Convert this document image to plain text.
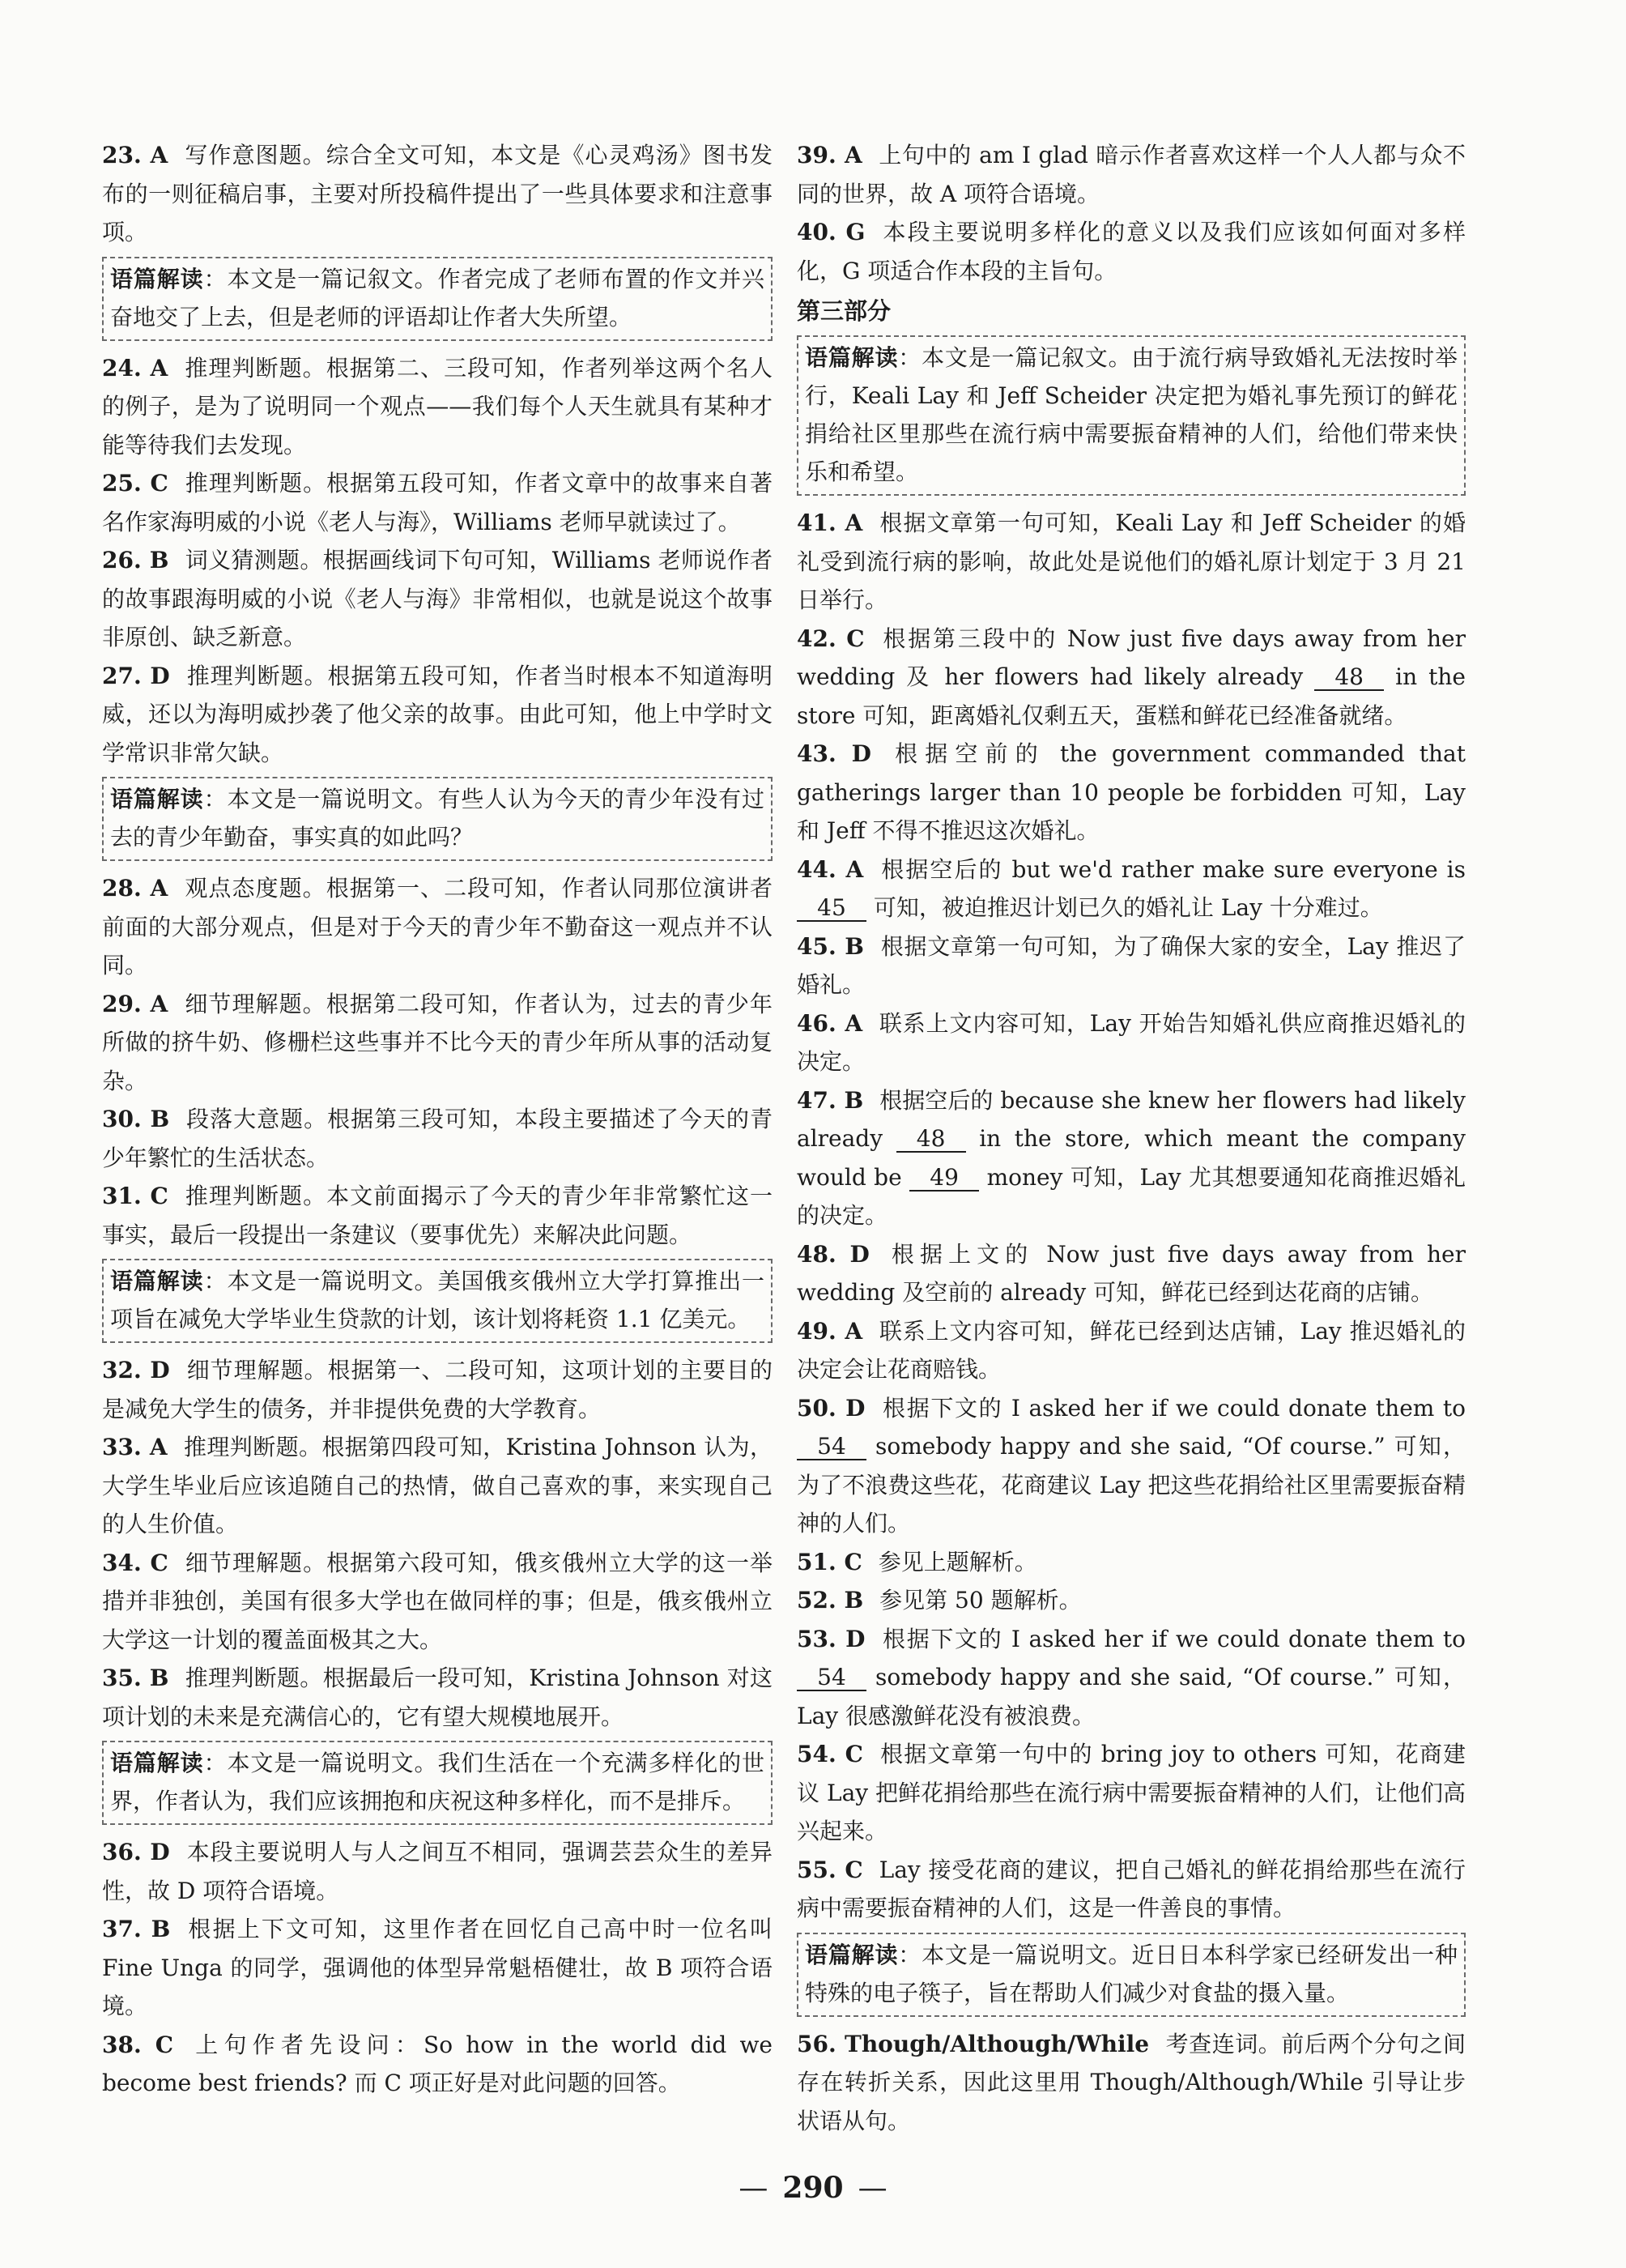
23. A 写作意图题。综合全文可知，本文是《心灵鸡汤》图书发布的一则征稿启事，主要对所投稿件提出了一些具体要求和注意事项。
语篇解读：本文是一篇记叙文。作者完成了老师布置的作文并兴奋地交了上去，但是老师的评语却让作者大失所望。
24. A 推理判断题。根据第二、三段可知，作者列举这两个名人的例子，是为了说明同一个观点——我们每个人天生就具有某种才能等待我们去发现。
25. C 推理判断题。根据第五段可知，作者文章中的故事来自著名作家海明威的小说《老人与海》，Williams 老师早就读过了。
26. B 词义猜测题。根据画线词下句可知，Williams 老师说作者的故事跟海明威的小说《老人与海》非常相似，也就是说这个故事非原创、缺乏新意。
27. D 推理判断题。根据第五段可知，作者当时根本不知道海明威，还以为海明威抄袭了他父亲的故事。由此可知，他上中学时文学常识非常欠缺。
语篇解读：本文是一篇说明文。有些人认为今天的青少年没有过去的青少年勤奋，事实真的如此吗？
28. A 观点态度题。根据第一、二段可知，作者认同那位演讲者前面的大部分观点，但是对于今天的青少年不勤奋这一观点并不认同。
29. A 细节理解题。根据第二段可知，作者认为，过去的青少年所做的挤牛奶、修栅栏这些事并不比今天的青少年所从事的活动复杂。
30. B 段落大意题。根据第三段可知，本段主要描述了今天的青少年繁忙的生活状态。
31. C 推理判断题。本文前面揭示了今天的青少年非常繁忙这一事实，最后一段提出一条建议（要事优先）来解决此问题。
语篇解读：本文是一篇说明文。美国俄亥俄州立大学打算推出一项旨在减免大学毕业生贷款的计划，该计划将耗资 1.1 亿美元。
32. D 细节理解题。根据第一、二段可知，这项计划的主要目的是减免大学生的债务，并非提供免费的大学教育。
33. A 推理判断题。根据第四段可知，Kristina Johnson 认为，大学生毕业后应该追随自己的热情，做自己喜欢的事，来实现自己的人生价值。
34. C 细节理解题。根据第六段可知，俄亥俄州立大学的这一举措并非独创，美国有很多大学也在做同样的事；但是，俄亥俄州立大学这一计划的覆盖面极其之大。
35. B 推理判断题。根据最后一段可知，Kristina Johnson 对这项计划的未来是充满信心的，它有望大规模地展开。
语篇解读：本文是一篇说明文。我们生活在一个充满多样化的世界，作者认为，我们应该拥抱和庆祝这种多样化，而不是排斥。
36. D 本段主要说明人与人之间互不相同，强调芸芸众生的差异性，故 D 项符合语境。
37. B 根据上下文可知，这里作者在回忆自己高中时一位名叫 Fine Unga 的同学，强调他的体型异常魁梧健壮，故 B 项符合语境。
38. C 上句作者先设问：So how in the world did we become best friends? 而 C 项正好是对此问题的回答。
39. A 上句中的 am I glad 暗示作者喜欢这样一个人人都与众不同的世界，故 A 项符合语境。
40. G 本段主要说明多样化的意义以及我们应该如何面对多样化，G 项适合作本段的主旨句。
第三部分
语篇解读：本文是一篇记叙文。由于流行病导致婚礼无法按时举行，Keali Lay 和 Jeff Scheider 决定把为婚礼事先预订的鲜花捐给社区里那些在流行病中需要振奋精神的人们，给他们带来快乐和希望。
41. A 根据文章第一句可知，Keali Lay 和 Jeff Scheider 的婚礼受到流行病的影响，故此处是说他们的婚礼原计划定于 3 月 21 日举行。
42. C 根据第三段中的 Now just five days away from her wedding 及 her flowers had likely already 48 in the store 可知，距离婚礼仅剩五天，蛋糕和鲜花已经准备就绪。
43. D 根据空前的 the government commanded that gatherings larger than 10 people be forbidden 可知，Lay 和 Jeff 不得不推迟这次婚礼。
44. A 根据空后的 but we'd rather make sure everyone is 45 可知，被迫推迟计划已久的婚礼让 Lay 十分难过。
45. B 根据文章第一句可知，为了确保大家的安全，Lay 推迟了婚礼。
46. A 联系上文内容可知，Lay 开始告知婚礼供应商推迟婚礼的决定。
47. B 根据空后的 because she knew her flowers had likely already 48 in the store, which meant the company would be 49 money 可知，Lay 尤其想要通知花商推迟婚礼的决定。
48. D 根据上文的 Now just five days away from her wedding 及空前的 already 可知，鲜花已经到达花商的店铺。
49. A 联系上文内容可知，鲜花已经到达店铺，Lay 推迟婚礼的决定会让花商赔钱。
50. D 根据下文的 I asked her if we could donate them to 54 somebody happy and she said, “Of course.” 可知，为了不浪费这些花，花商建议 Lay 把这些花捐给社区里需要振奋精神的人们。
51. C 参见上题解析。
52. B 参见第 50 题解析。
53. D 根据下文的 I asked her if we could donate them to 54 somebody happy and she said, “Of course.” 可知，Lay 很感激鲜花没有被浪费。
54. C 根据文章第一句中的 bring joy to others 可知，花商建议 Lay 把鲜花捐给那些在流行病中需要振奋精神的人们，让他们高兴起来。
55. C Lay 接受花商的建议，把自己婚礼的鲜花捐给那些在流行病中需要振奋精神的人们，这是一件善良的事情。
语篇解读：本文是一篇说明文。近日日本科学家已经研发出一种特殊的电子筷子，旨在帮助人们减少对食盐的摄入量。
56. Though/Although/While 考查连词。前后两个分句之间存在转折关系，因此这里用 Though/Although/While 引导让步状语从句。
— 290 —
